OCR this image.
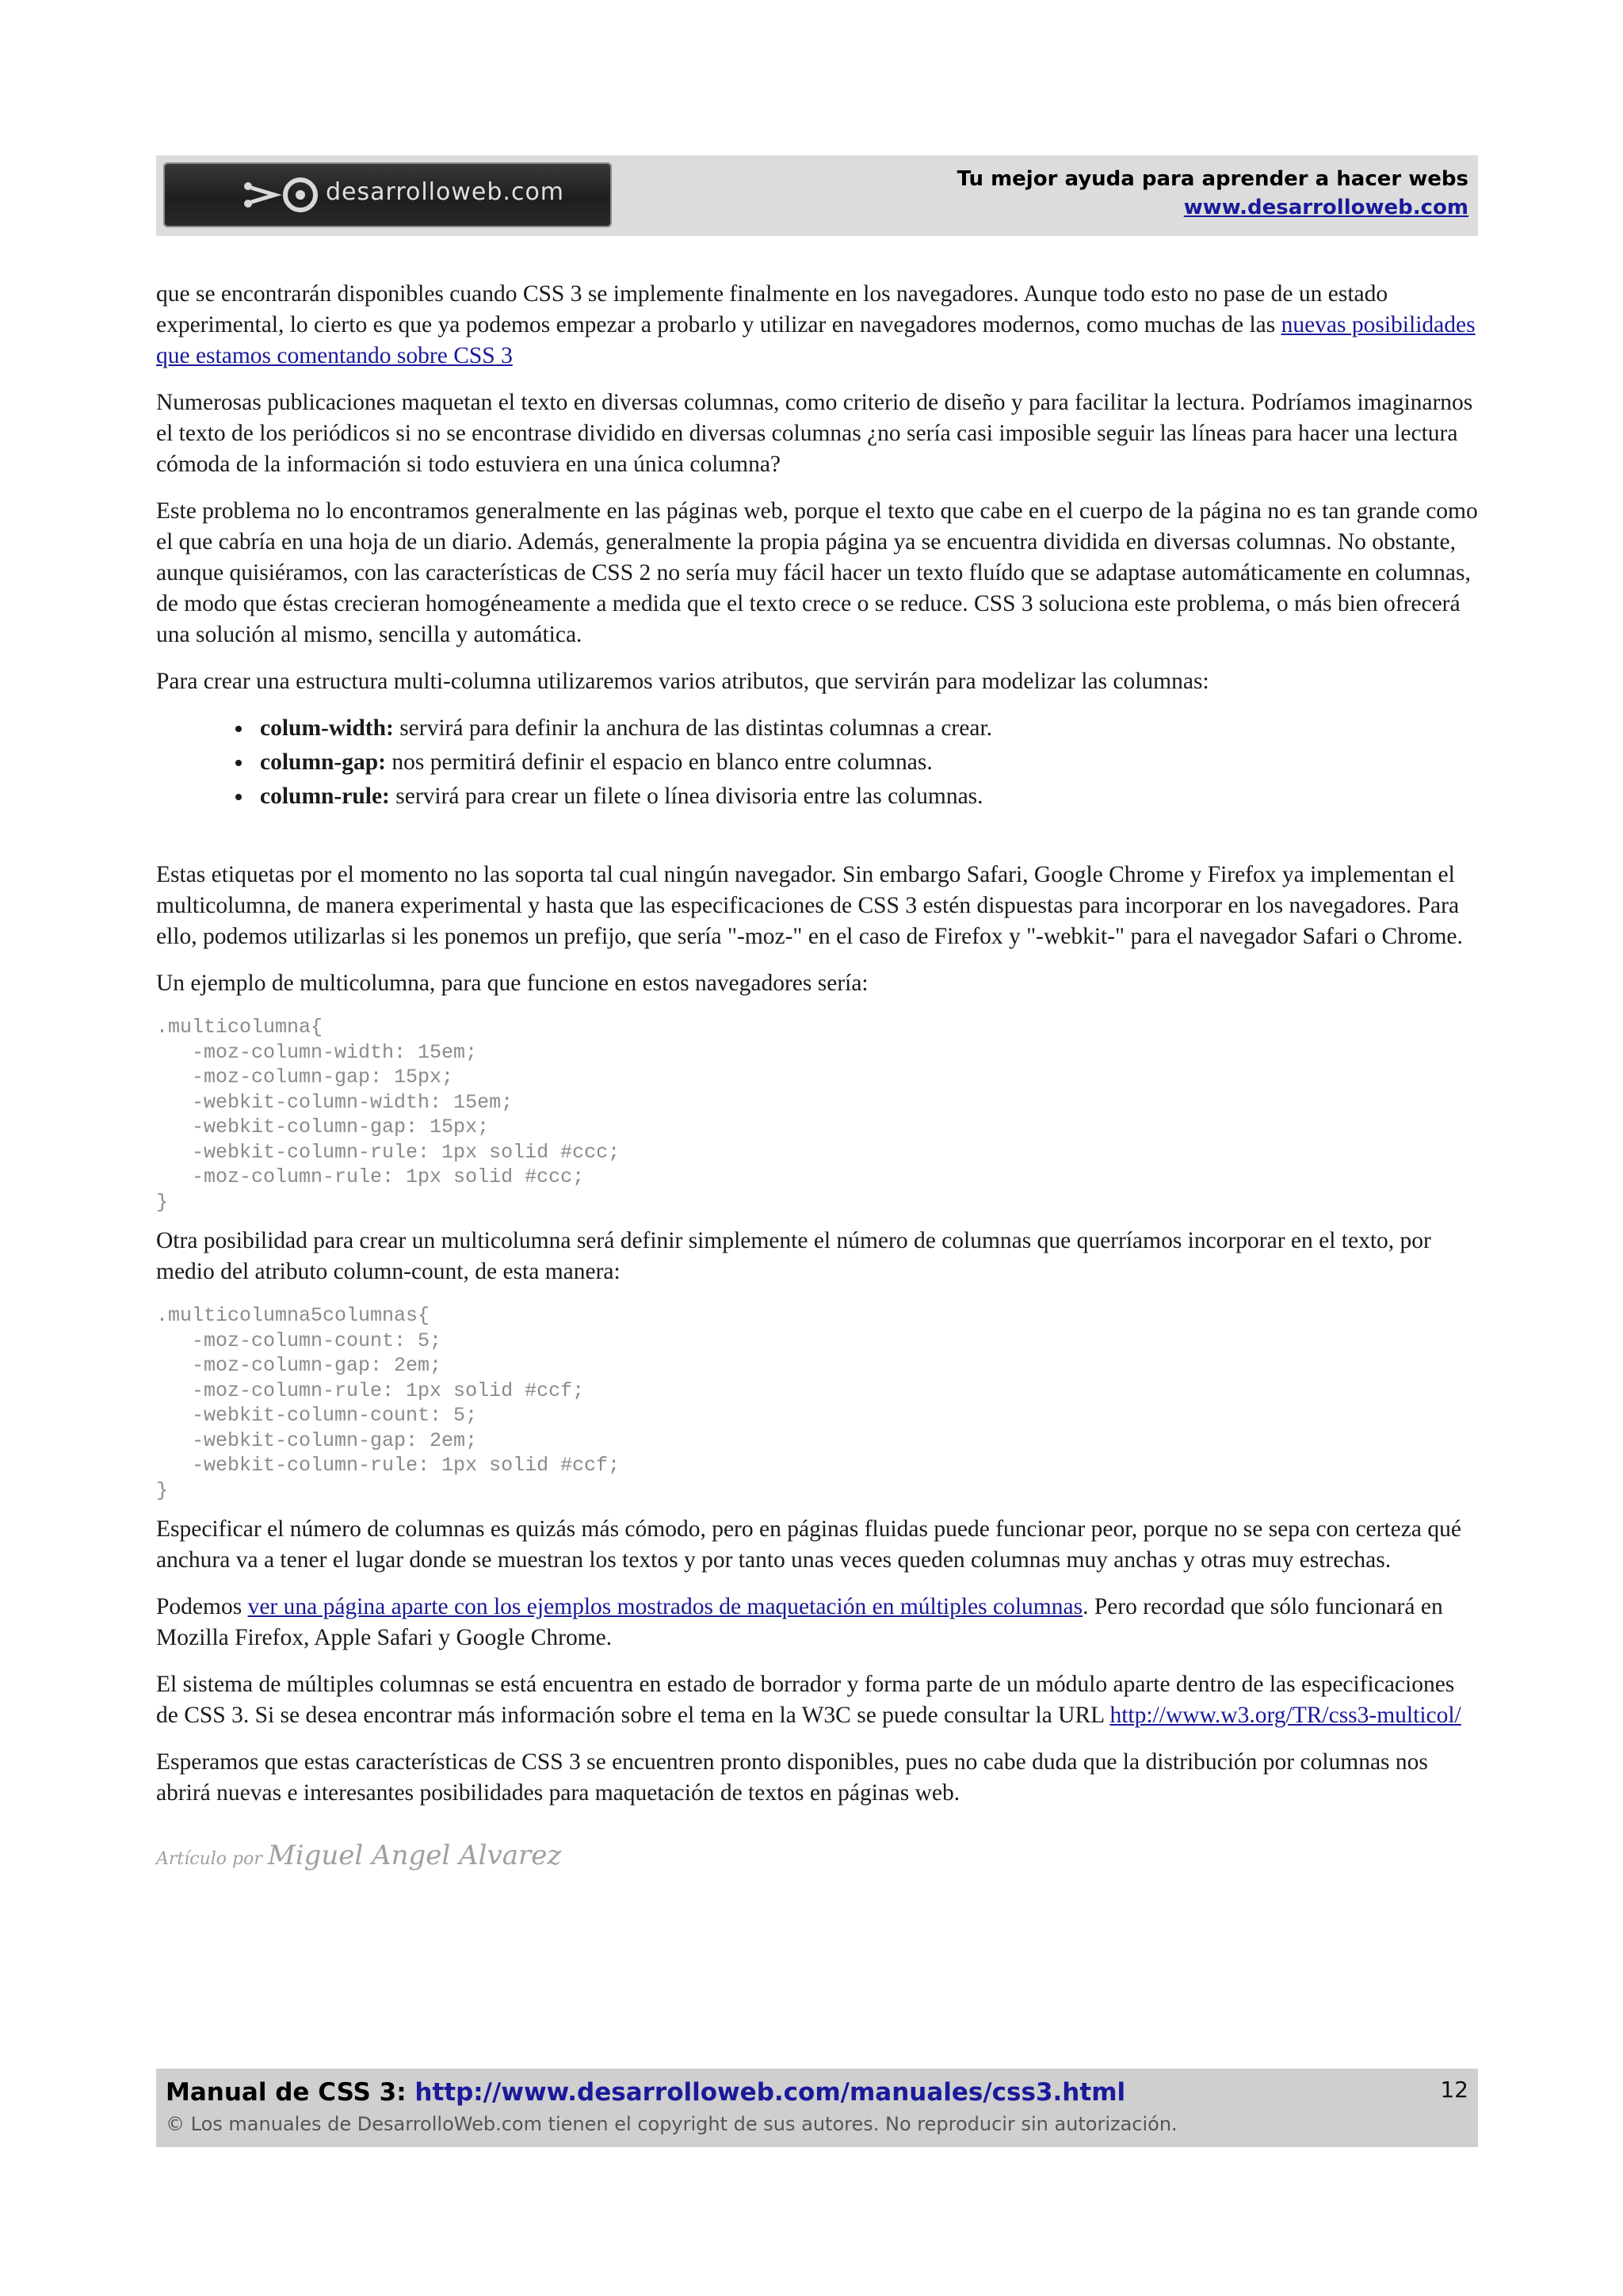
desarrolloweb.com	Tu mejor ayuda para aprender a hacer webs
www.desarrolloweb.com

que se encontrarán disponibles cuando CSS 3 se implemente finalmente en los navegadores. Aunque todo esto no pase de un estado experimental, lo cierto es que ya podemos empezar a probarlo y utilizar en navegadores modernos, como muchas de las nuevas posibilidades que estamos comentando sobre CSS 3

Numerosas publicaciones maquetan el texto en diversas columnas, como criterio de diseño y para facilitar la lectura. Podríamos imaginarnos el texto de los periódicos si no se encontrase dividido en diversas columnas ¿no sería casi imposible seguir las líneas para hacer una lectura cómoda de la información si todo estuviera en una única columna?

Este problema no lo encontramos generalmente en las páginas web, porque el texto que cabe en el cuerpo de la página no es tan grande como el que cabría en una hoja de un diario. Además, generalmente la propia página ya se encuentra dividida en diversas columnas. No obstante, aunque quisiéramos, con las características de CSS 2 no sería muy fácil hacer un texto fluído que se adaptase automáticamente en columnas, de modo que éstas crecieran homogéneamente a medida que el texto crece o se reduce. CSS 3 soluciona este problema, o más bien ofrecerá una solución al mismo, sencilla y automática.

Para crear una estructura multi-columna utilizaremos varios atributos, que servirán para modelizar las columnas:

• colum-width: servirá para definir la anchura de las distintas columnas a crear.
• column-gap: nos permitirá definir el espacio en blanco entre columnas.
• column-rule: servirá para crear un filete o línea divisoria entre las columnas.

Estas etiquetas por el momento no las soporta tal cual ningún navegador. Sin embargo Safari, Google Chrome y Firefox ya implementan el multicolumna, de manera experimental y hasta que las especificaciones de CSS 3 estén dispuestas para incorporar en los navegadores. Para ello, podemos utilizarlas si les ponemos un prefijo, que sería "-moz-" en el caso de Firefox y "-webkit-" para el navegador Safari o Chrome.

Un ejemplo de multicolumna, para que funcione en estos navegadores sería:

.multicolumna{
-moz-column-width: 15em;
-moz-column-gap: 15px;
-webkit-column-width: 15em;
-webkit-column-gap: 15px;
-webkit-column-rule: 1px solid #ccc;
-moz-column-rule: 1px solid #ccc;
}

Otra posibilidad para crear un multicolumna será definir simplemente el número de columnas que querríamos incorporar en el texto, por medio del atributo column-count, de esta manera:

.multicolumna5columnas{
-moz-column-count: 5;
-moz-column-gap: 2em;
-moz-column-rule: 1px solid #ccf;
-webkit-column-count: 5;
-webkit-column-gap: 2em;
-webkit-column-rule: 1px solid #ccf;
}

Especificar el número de columnas es quizás más cómodo, pero en páginas fluidas puede funcionar peor, porque no se sepa con certeza qué anchura va a tener el lugar donde se muestran los textos y por tanto unas veces queden columnas muy anchas y otras muy estrechas.

Podemos ver una página aparte con los ejemplos mostrados de maquetación en múltiples columnas. Pero recordad que sólo funcionará en Mozilla Firefox, Apple Safari y Google Chrome.

El sistema de múltiples columnas se está encuentra en estado de borrador y forma parte de un módulo aparte dentro de las especificaciones de CSS 3. Si se desea encontrar más información sobre el tema en la W3C se puede consultar la URL http://www.w3.org/TR/css3-multicol/

Esperamos que estas características de CSS 3 se encuentren pronto disponibles, pues no cabe duda que la distribución por columnas nos abrirá nuevas e interesantes posibilidades para maquetación de textos en páginas web.

Artículo por Miguel Angel Alvarez
Manual de CSS 3: http://www.desarrolloweb.com/manuales/css3.html
© Los manuales de DesarrolloWeb.com tienen el copyright de sus autores. No reproducir sin autorización.
12
